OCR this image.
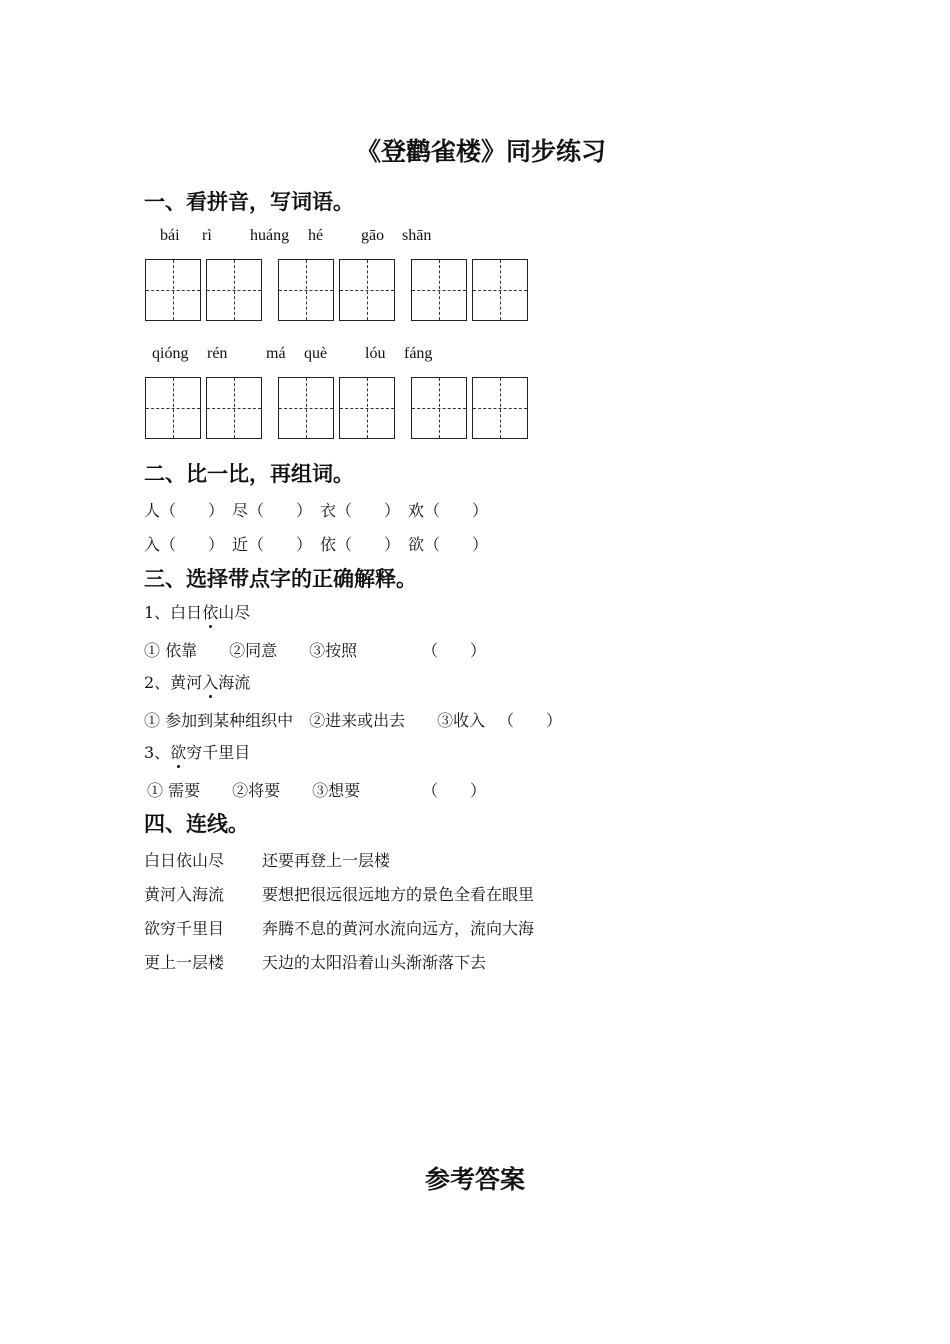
《登鹳雀楼》同步练习
一、看拼音，写词语。
bái rì huáng hé gāo shān
qióng rén má què lóu fáng
二、比一比，再组词。
人（　　） 尽（　　） 衣（　　） 欢（　　）
入（　　） 近（　　） 依（　　） 欲（　　）
三、选择带点字的正确解释。
1、白日依山尽
① 依靠　　②同意　　③按照	（　　）
2、黄河入海流
① 参加到某种组织中　②进来或出去　　③收入 （　　）
3、欲穷千里目
① 需要　　②将要　　③想要	（　　）
四、连线。
白日依山尽 还要再登上一层楼
黄河入海流 要想把很远很远地方的景色全看在眼里
欲穷千里目 奔腾不息的黄河水流向远方，流向大海
更上一层楼 天边的太阳沿着山头渐渐落下去
参考答案
